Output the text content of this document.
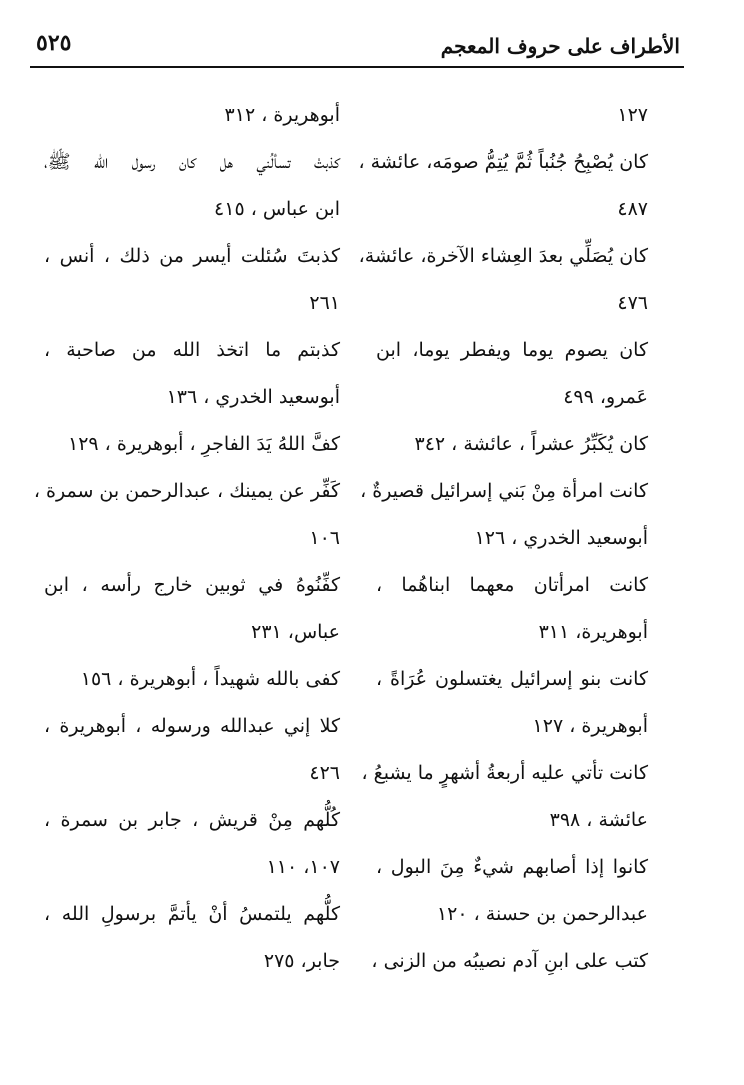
٥٢٥	الأطراف على حروف المعجم
١٢٧
كان يُصْبِحُ جُنُباً ثُمَّ يُتِمُّ صومَه، عائشة ،
٤٨٧
كان يُصَلِّي بعدَ العِشاء الآخرة، عائشة،
٤٧٦
كان يصوم يوما ويفطر يوما، ابن
عَمرو، ٤٩٩
كان يُكَبِّرُ عشراً ، عائشة ، ٣٤٢
كانت امرأة مِنْ بَني إسرائيل قصيرةٌ ،
أبوسعيد الخدري ، ١٢٦
كانت امرأتان معهما ابناهُما ،
أبوهريرة، ٣١١
كانت بنو إسرائيل يغتسلون عُرَاةً ،
أبوهريرة ، ١٢٧
كانت تأتي عليه أربعةُ أشهرٍ ما يشبعُ ،
عائشة ، ٣٩٨
كانوا إذا أصابهم شيءٌ مِنَ البول ،
عبدالرحمن بن حسنة ، ١٢٠
كتب على ابنِ آدم نصيبُه من الزنى ،
أبوهريرة ، ٣١٢
كذبتْ تسألُني هل كان رسول الله ﷺ،
ابن عباس ، ٤١٥
كذبتَ سُئلت أيسر من ذلك ، أنس ،
٢٦١
كذبتم ما اتخذ الله من صاحبة ،
أبوسعيد الخدري ، ١٣٦
كفَّ اللهُ يَدَ الفاجرِ ، أبوهريرة ، ١٢٩
كَفِّر عن يمينك ، عبدالرحمن بن سمرة ،
١٠٦
كفِّنُوهُ في ثوبين خارج رأسه ، ابن
عباس، ٢٣١
كفى بالله شهيداً ، أبوهريرة ، ١٥٦
كلا إني عبدالله ورسوله ، أبوهريرة ،
٤٢٦
كُلُّهم مِنْ قريش ، جابر بن سمرة ،
١٠٧، ١١٠
كلُّهم يلتمسُ أنْ يأتمَّ برسولِ الله ،
جابر، ٢٧٥
